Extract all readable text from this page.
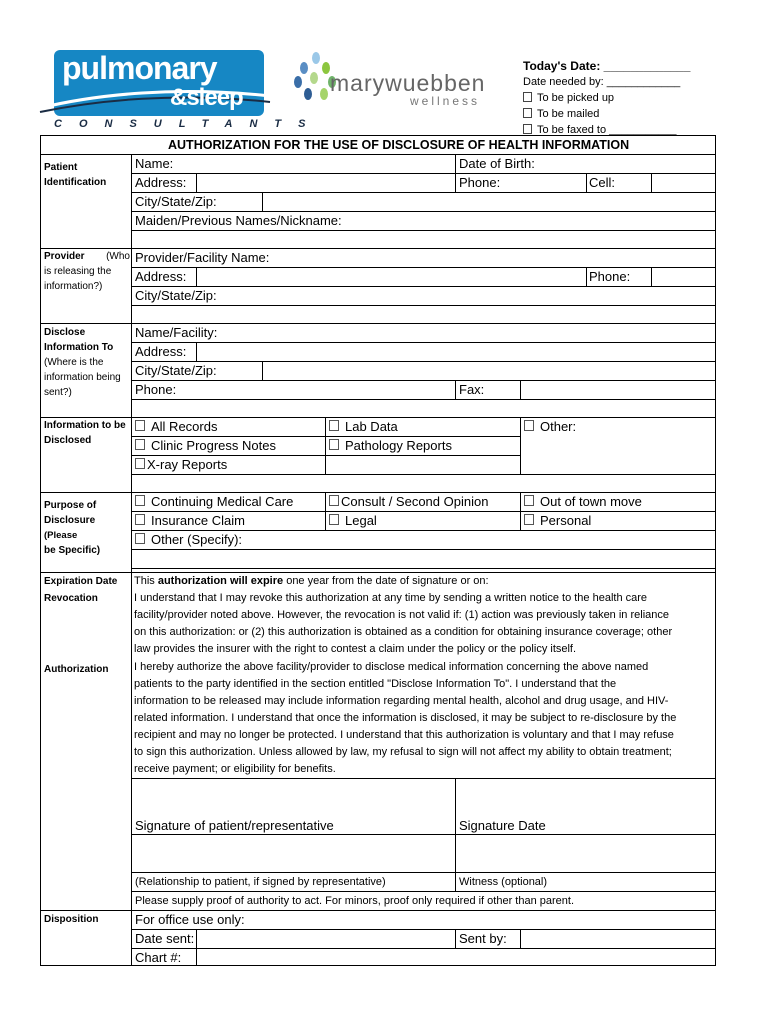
pulmonary
&sleep
CONSULTANTS
marywuebben
wellness
Today's Date: _____________
Date needed by: ____________
To be picked up
To be mailed
To be faxed to ___________
AUTHORIZATION FOR THE USE OF DISCLOSURE OF HEALTH INFORMATION
Patient
Identification
Name:	Date of Birth:
Address:	Phone:	Cell:
City/State/Zip:
Maiden/Previous Names/Nickname:
Provider (Who
is releasing the
information?)
Provider/Facility Name:
Address:	Phone:
City/State/Zip:
Disclose
Information To
(Where is the
information being
sent?)
Name/Facility:
Address:
City/State/Zip:
Phone:	Fax:
Information to be
Disclosed
All Records	Lab Data	Other:
Clinic Progress Notes	Pathology Reports
X-ray Reports
Purpose of
Disclosure (Please
be Specific)
Continuing Medical Care	Consult / Second Opinion	Out of town move
Insurance Claim	Legal	Personal
Other (Specify):
Expiration Date This authorization will expire one year from the date of signature or on:
Revocation	I understand that I may revoke this authorization at any time by sending a written notice to the health care
facility/provider noted above. However, the revocation is not valid if: (1) action was previously taken in reliance
on this authorization: or (2) this authorization is obtained as a condition for obtaining insurance coverage; other
law provides the insurer with the right to contest a claim under the policy or the policy itself.
Authorization I hereby authorize the above facility/provider to disclose medical information concerning the above named
patients to the party identified in the section entitled "Disclose Information To". I understand that the
information to be released may include information regarding mental health, alcohol and drug usage, and HIV-
related information. I understand that once the information is disclosed, it may be subject to re-disclosure by the
recipient and may no longer be protected. I understand that this authorization is voluntary and that I may refuse
to sign this authorization. Unless allowed by law, my refusal to sign will not affect my ability to obtain treatment;
receive payment; or eligibility for benefits.
Signature of patient/representative	Signature Date
(Relationship to patient, if signed by representative)	Witness (optional)
Please supply proof of authority to act. For minors, proof only required if other than parent.
Disposition	For office use only:
Date sent:	Sent by:
Chart #:
